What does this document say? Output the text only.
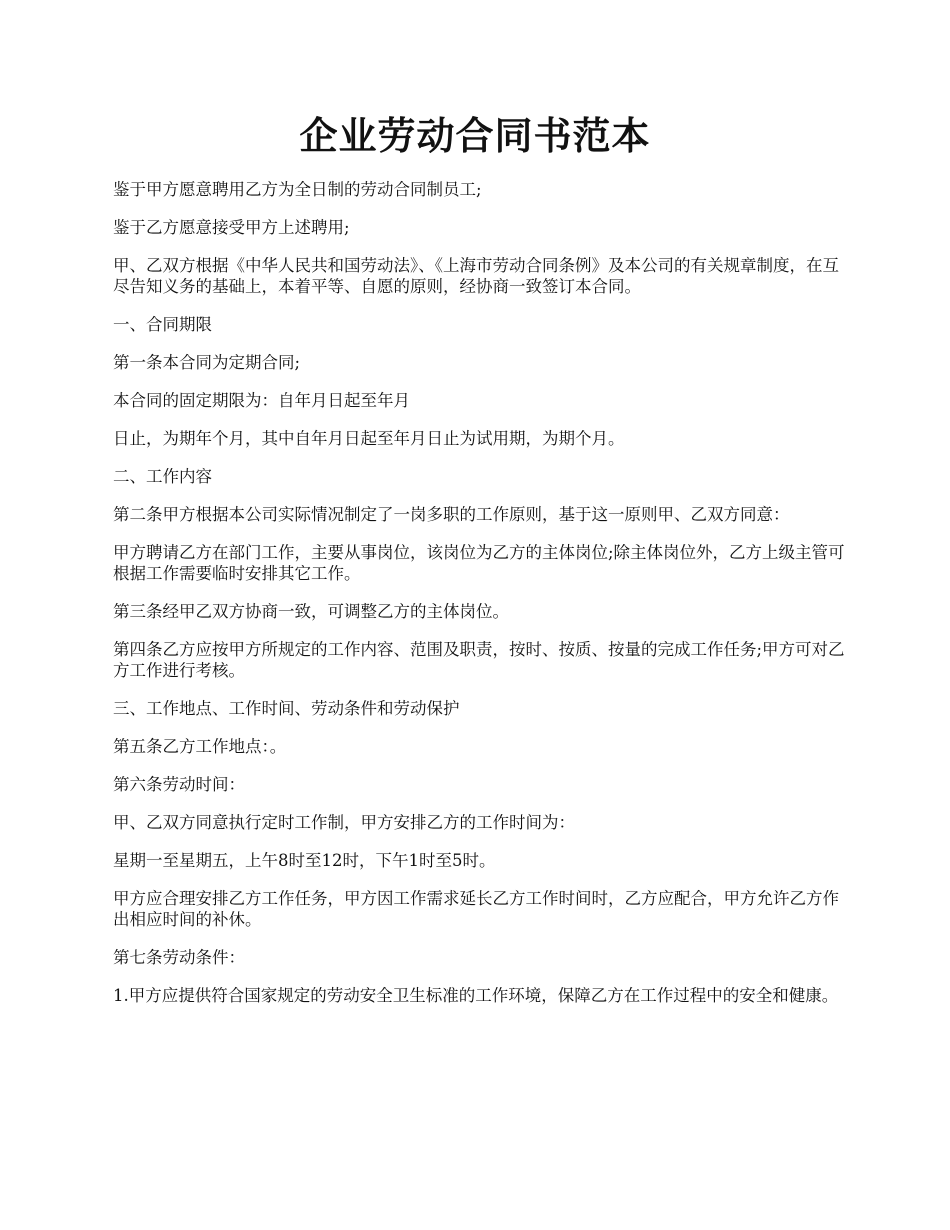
企业劳动合同书范本

鉴于甲方愿意聘用乙方为全日制的劳动合同制员工;

鉴于乙方愿意接受甲方上述聘用;

甲、乙双方根据《中华人民共和国劳动法》、《上海市劳动合同条例》及本公司的有关规章制度，在互尽告知义务的基础上，本着平等、自愿的原则，经协商一致签订本合同。

一、合同期限

第一条本合同为定期合同;

本合同的固定期限为：自年月日起至年月

日止，为期年个月，其中自年月日起至年月日止为试用期，为期个月。

二、工作内容

第二条甲方根据本公司实际情况制定了一岗多职的工作原则，基于这一原则甲、乙双方同意：

甲方聘请乙方在部门工作，主要从事岗位，该岗位为乙方的主体岗位;除主体岗位外，乙方上级主管可根据工作需要临时安排其它工作。

第三条经甲乙双方协商一致，可调整乙方的主体岗位。

第四条乙方应按甲方所规定的工作内容、范围及职责，按时、按质、按量的完成工作任务;甲方可对乙方工作进行考核。

三、工作地点、工作时间、劳动条件和劳动保护

第五条乙方工作地点：。

第六条劳动时间：

甲、乙双方同意执行定时工作制，甲方安排乙方的工作时间为：

星期一至星期五，上午8时至12时，下午1时至5时。

甲方应合理安排乙方工作任务，甲方因工作需求延长乙方工作时间时，乙方应配合，甲方允许乙方作出相应时间的补休。

第七条劳动条件：

1.甲方应提供符合国家规定的劳动安全卫生标准的工作环境，保障乙方在工作过程中的安全和健康。
